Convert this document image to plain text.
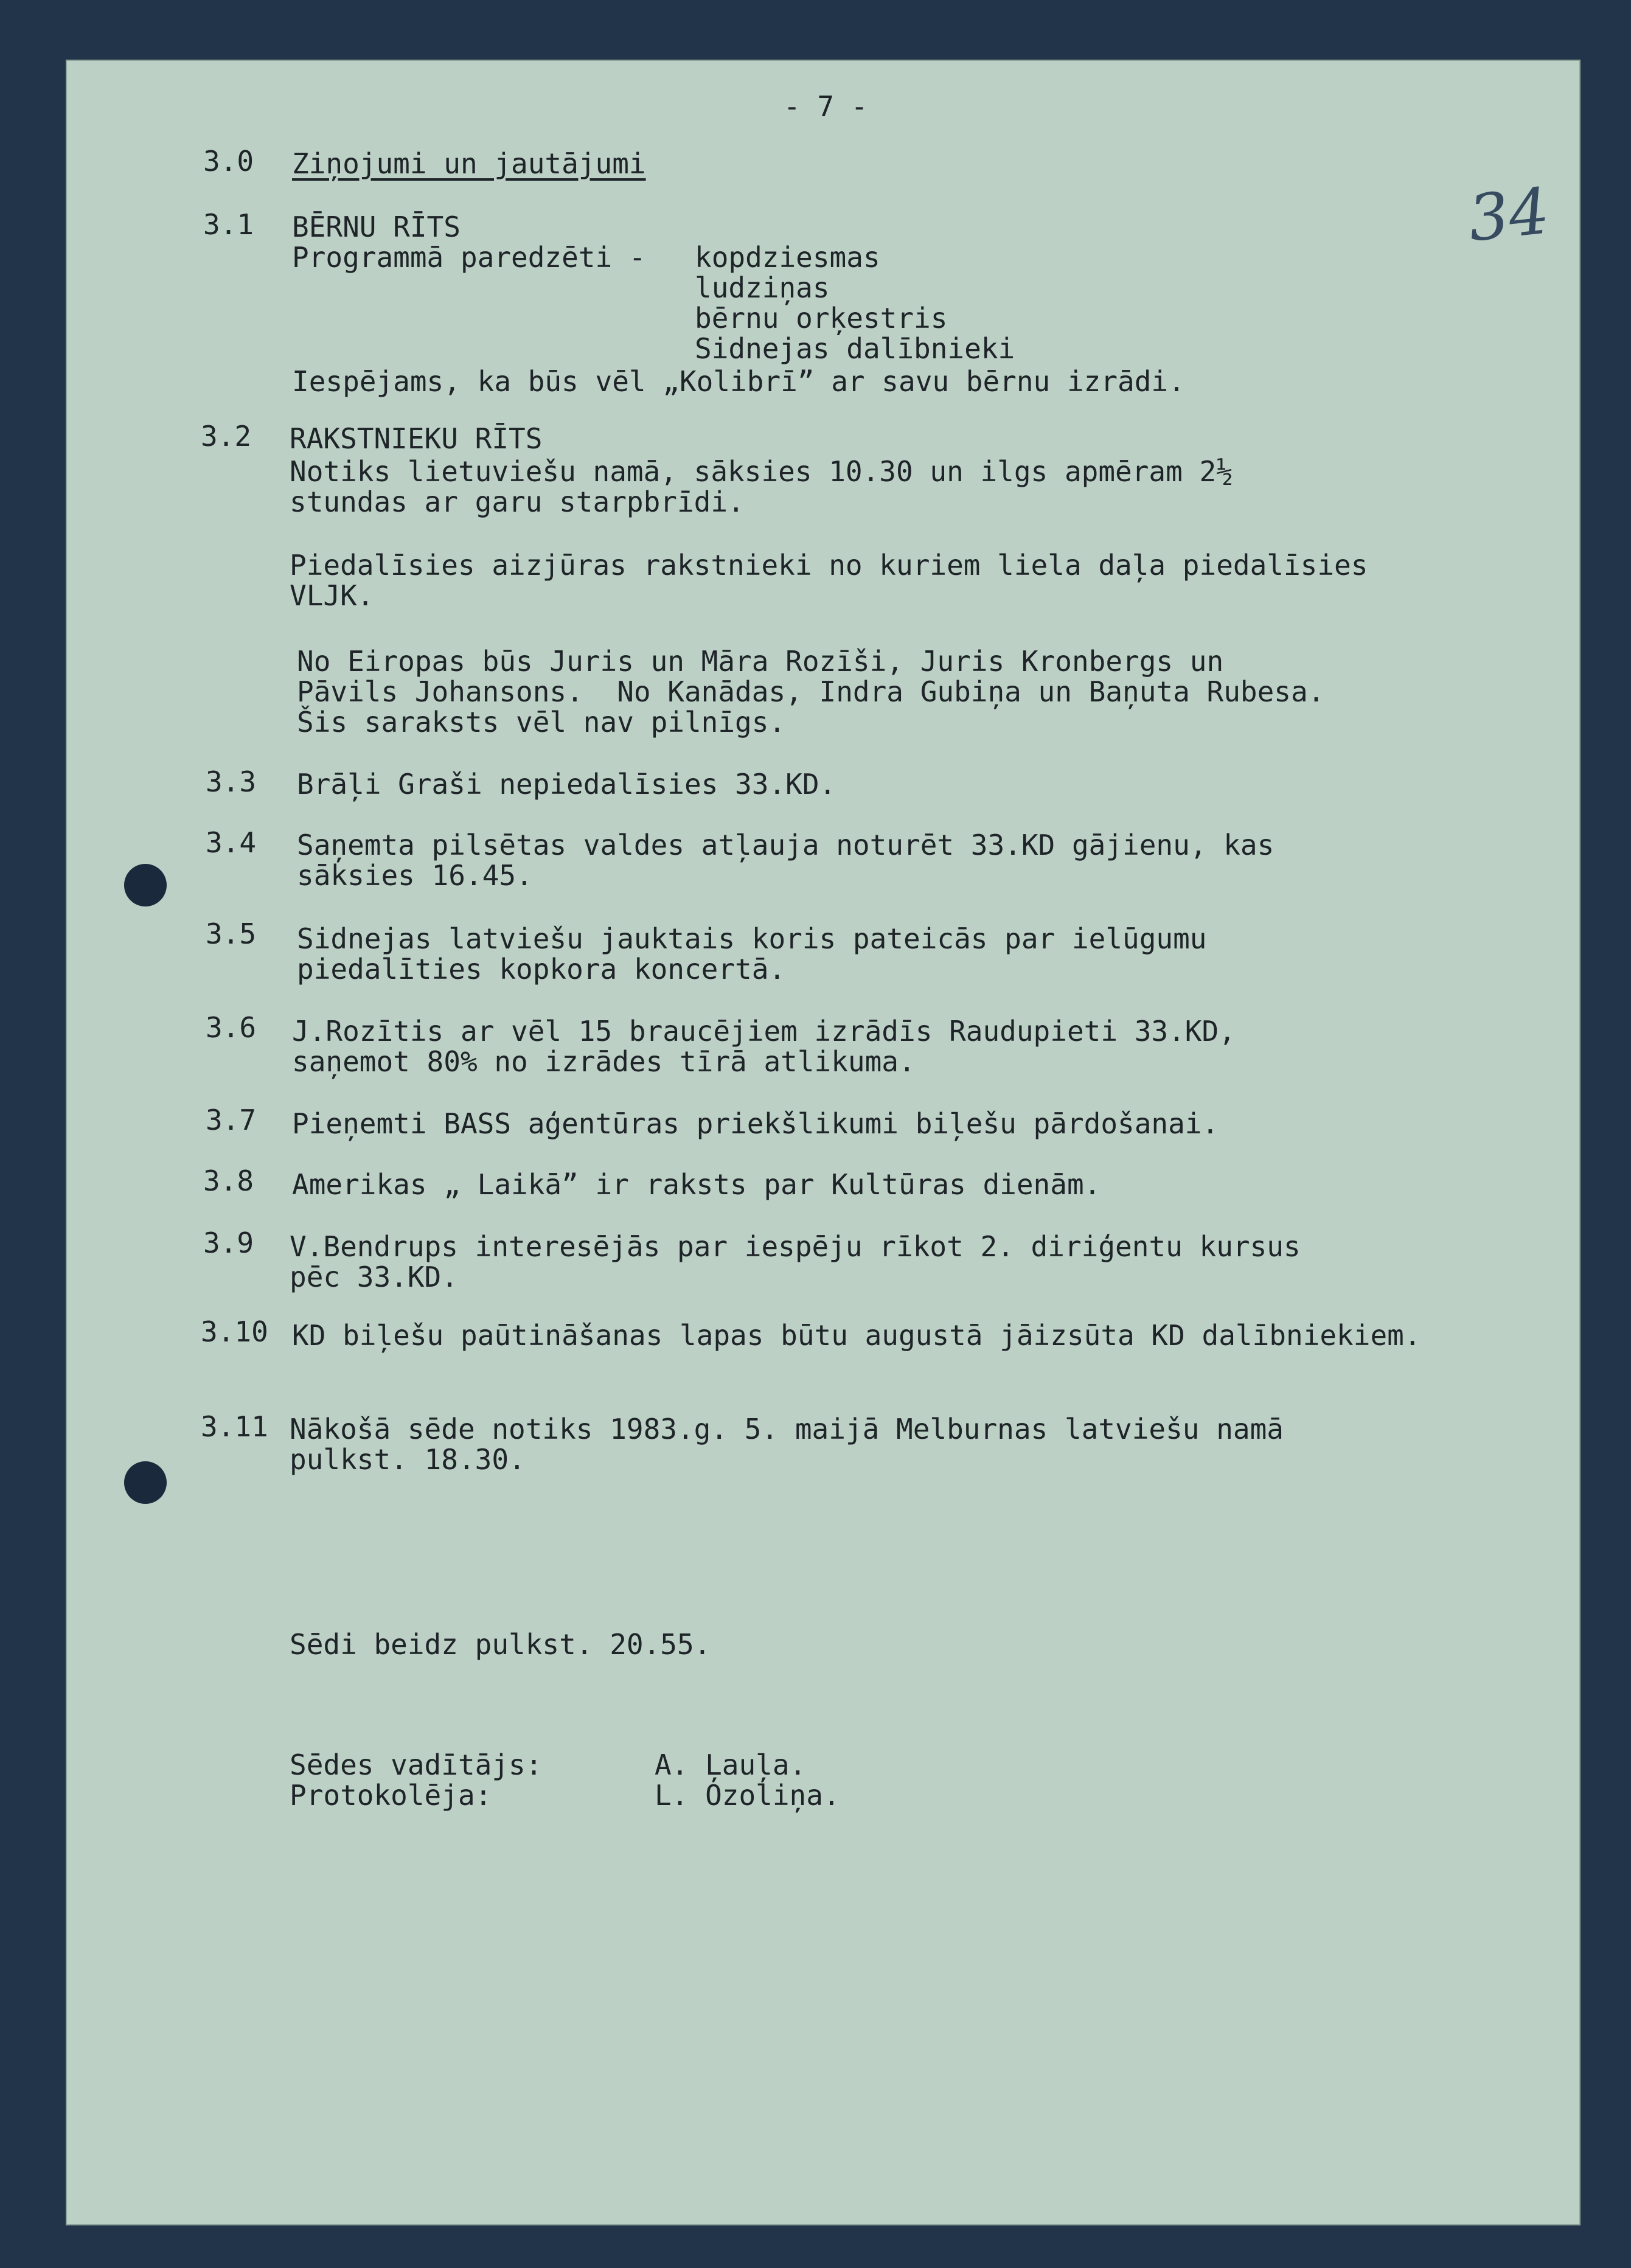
- 7 -
34
3.0 Ziņojumi un jautājumi
3.1 BĒRNU RĪTS
Programmā paredzēti - kopdziesmas
ludziņas
bērnu orķestris
Sidnejas dalībnieki
Iespējams, ka būs vēl „Kolibrī” ar savu bērnu izrādi.
3.2 RAKSTNIEKU RĪTS
Notiks lietuviešu namā, sāksies 10.30 un ilgs apmēram 2½
stundas ar garu starpbrīdi.
Piedalīsies aizjūras rakstnieki no kuriem liela daļa piedalīsies
VLJK.
No Eiropas būs Juris un Māra Rozīši, Juris Kronbergs un
Pāvils Johansons.  No Kanādas, Indra Gubiņa un Baņuta Rubesa.
Šis saraksts vēl nav pilnīgs.
3.3 Brāļi Graši nepiedalīsies 33.KD.
3.4 Saņemta pilsētas valdes atļauja noturēt 33.KD gājienu, kas
sāksies 16.45.
3.5 Sidnejas latviešu jauktais koris pateicās par ielūgumu
piedalīties kopkora koncertā.
3.6 J.Rozītis ar vēl 15 braucējiem izrādīs Raudupieti 33.KD,
saņemot 80% no izrādes tīrā atlikuma.
3.7 Pieņemti BASS aģentūras priekšlikumi biļešu pārdošanai.
3.8 Amerikas „ Laikā” ir raksts par Kultūras dienām.
3.9 V.Bendrups interesējās par iespēju rīkot 2. diriģentu kursus
pēc 33.KD.
3.10 KD biļešu paūtināšanas lapas būtu augustā jāizsūta KD dalībniekiem.
3.11 Nākošā sēde notiks 1983.g. 5. maijā Melburnas latviešu namā
pulkst. 18.30.
Sēdi beidz pulkst. 20.55.
Sēdes vadītājs:	A. Ļauļa.
Protokolēja:	L. Ozoliņa.
